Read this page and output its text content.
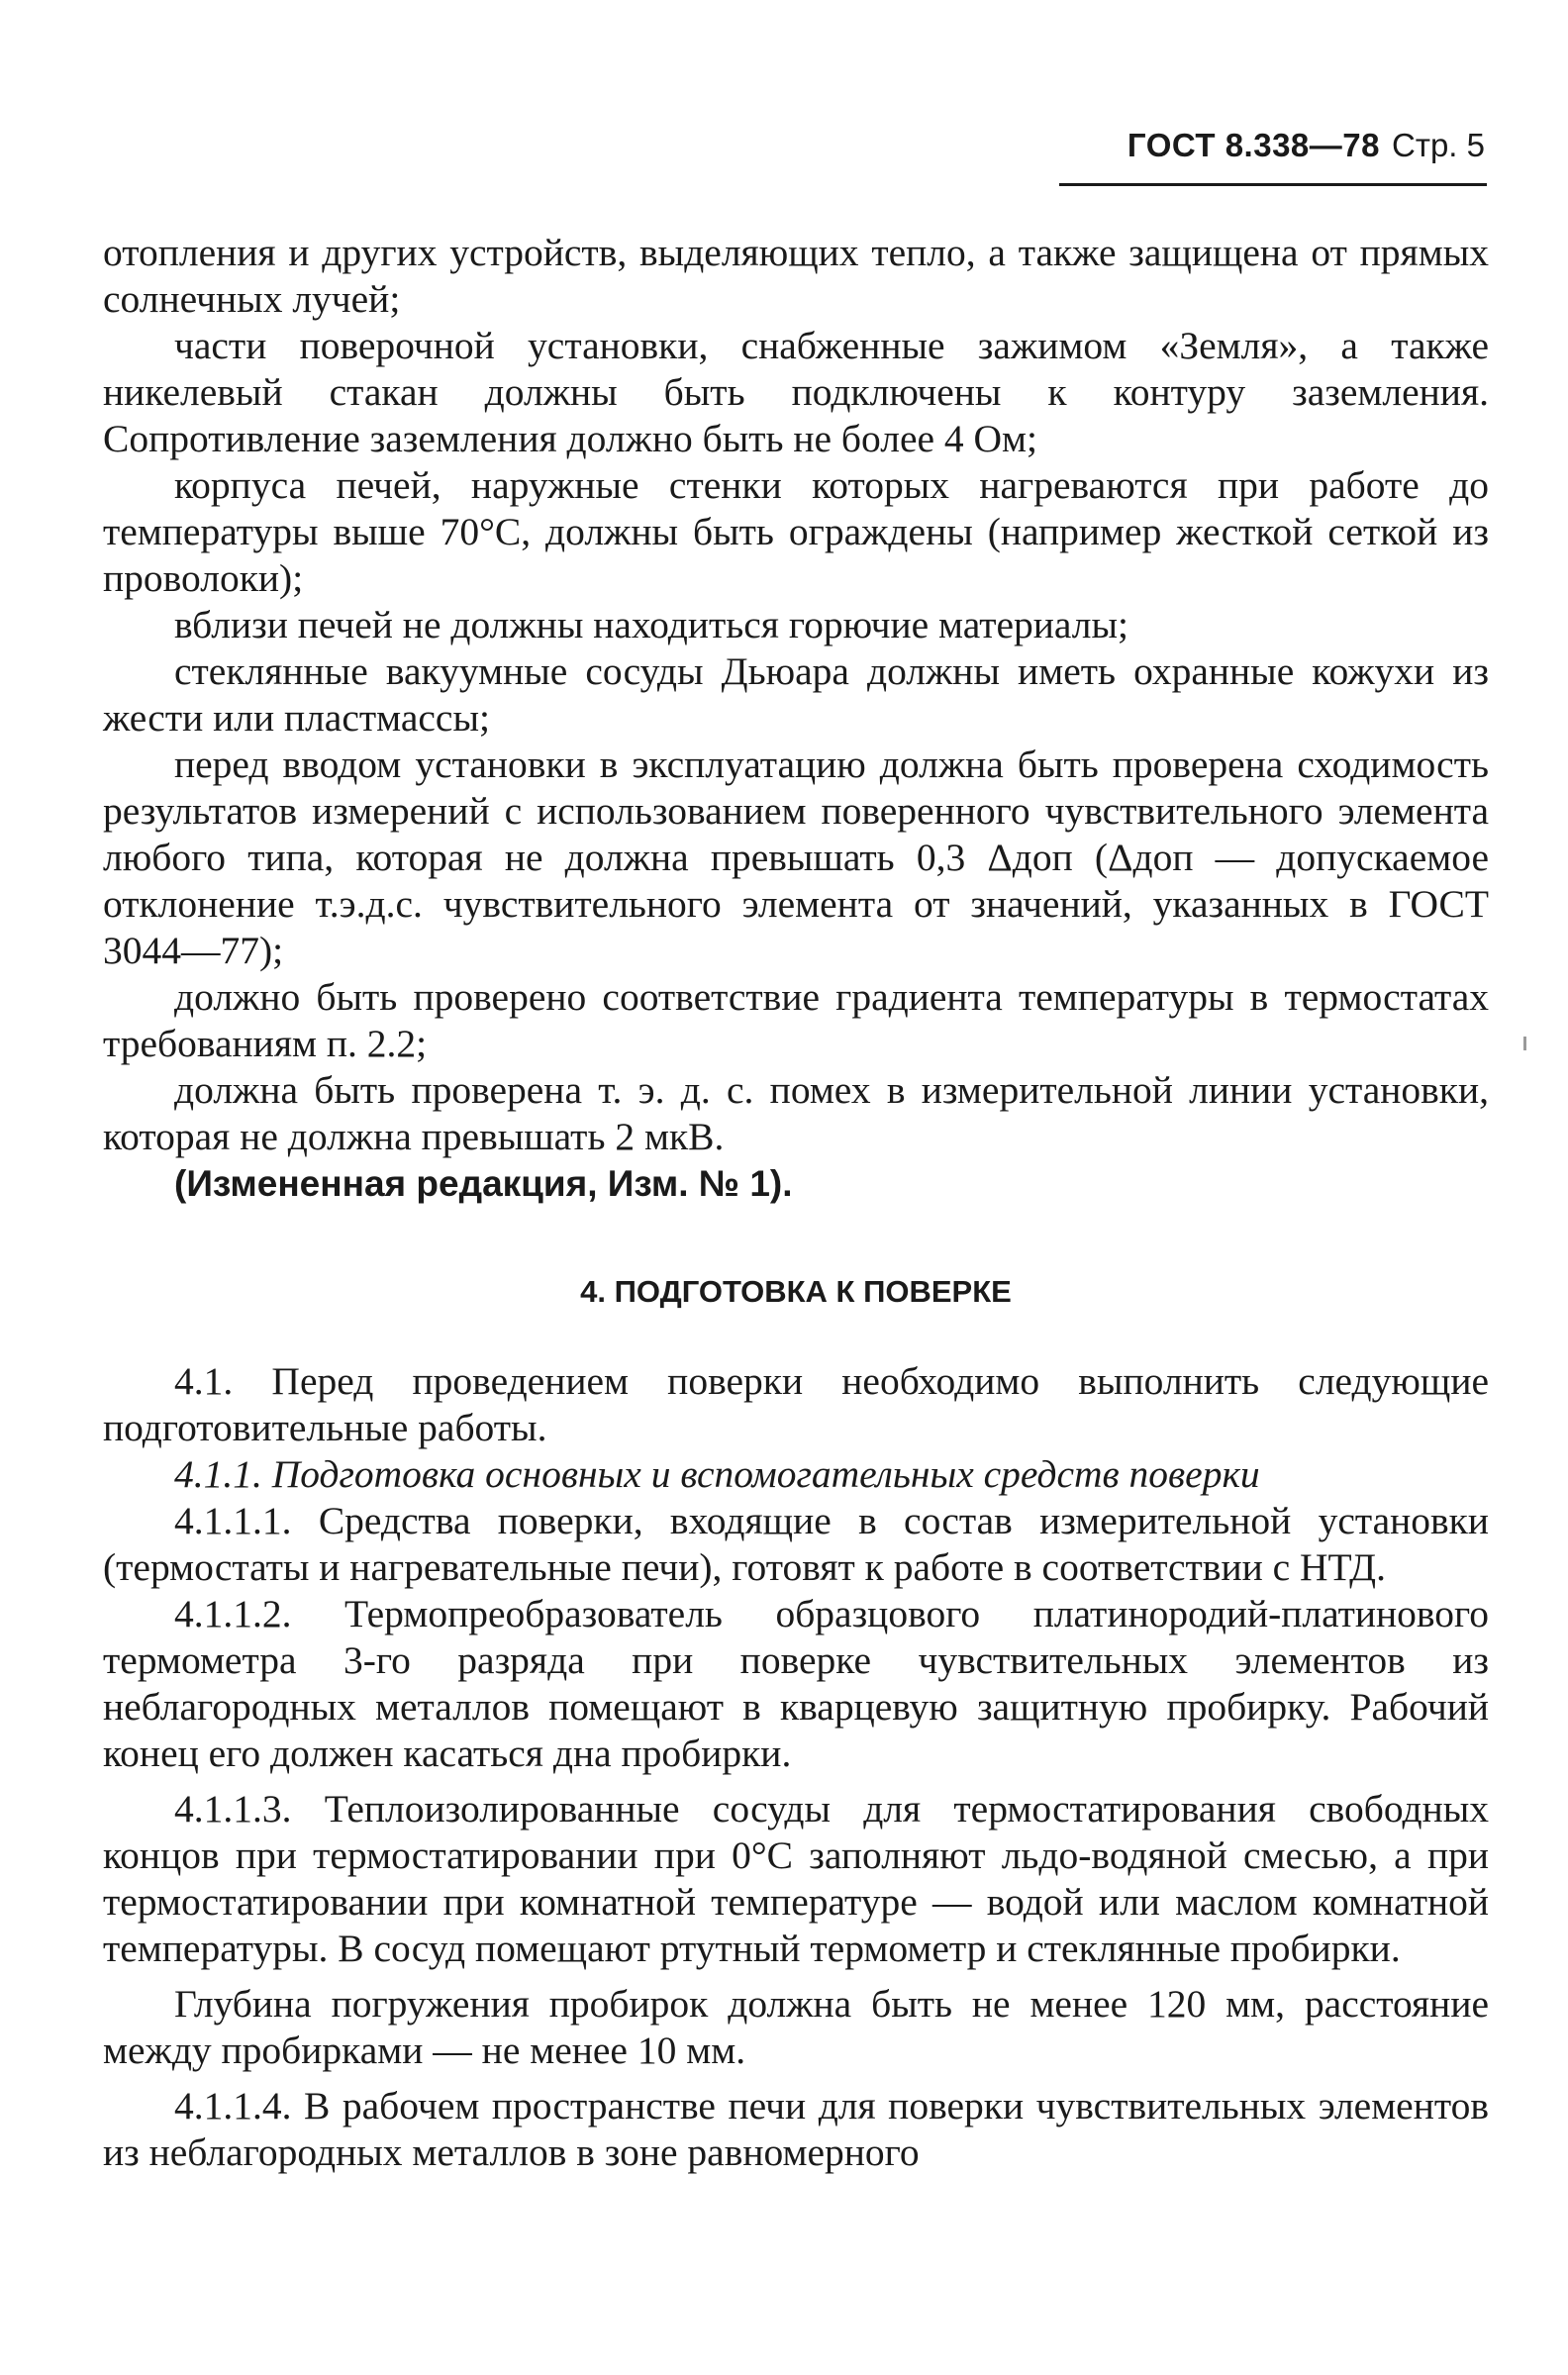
ГОСТ 8.338—78 Стр. 5

отопления и других устройств, выделяющих тепло, а также защищена от прямых солнечных лучей;

части поверочной установки, снабженные зажимом «Земля», а также никелевый стакан должны быть подключены к контуру заземления. Сопротивление заземления должно быть не более 4 Ом;

корпуса печей, наружные стенки которых нагреваются при работе до температуры выше 70°С, должны быть ограждены (например жесткой сеткой из проволоки);

вблизи печей не должны находиться горючие материалы;

стеклянные вакуумные сосуды Дьюара должны иметь охранные кожухи из жести или пластмассы;

перед вводом установки в эксплуатацию должна быть проверена сходимость результатов измерений с использованием поверенного чувствительного элемента любого типа, которая не должна превышать 0,3 Δдоп (Δдоп — допускаемое отклонение т.э.д.с. чувствительного элемента от значений, указанных в ГОСТ 3044—77);

должно быть проверено соответствие градиента температуры в термостатах требованиям п. 2.2;

должна быть проверена т. э. д. с. помех в измерительной линии установки, которая не должна превышать 2 мкВ.

(Измененная редакция, Изм. № 1).

4. ПОДГОТОВКА К ПОВЕРКЕ

4.1. Перед проведением поверки необходимо выполнить следующие подготовительные работы.

4.1.1. Подготовка основных и вспомогательных средств поверки

4.1.1.1. Средства поверки, входящие в состав измерительной установки (термостаты и нагревательные печи), готовят к работе в соответствии с НТД.

4.1.1.2. Термопреобразователь образцового платинородий-платинового термометра 3-го разряда при поверке чувствительных элементов из неблагородных металлов помещают в кварцевую защитную пробирку. Рабочий конец его должен касаться дна пробирки.

4.1.1.3. Теплоизолированные сосуды для термостатирования свободных концов при термостатировании при 0°С заполняют льдо-водяной смесью, а при термостатировании при комнатной температуре — водой или маслом комнатной температуры. В сосуд помещают ртутный термометр и стеклянные пробирки.

Глубина погружения пробирок должна быть не менее 120 мм, расстояние между пробирками — не менее 10 мм.

4.1.1.4. В рабочем пространстве печи для поверки чувствительных элементов из неблагородных металлов в зоне равномерного
